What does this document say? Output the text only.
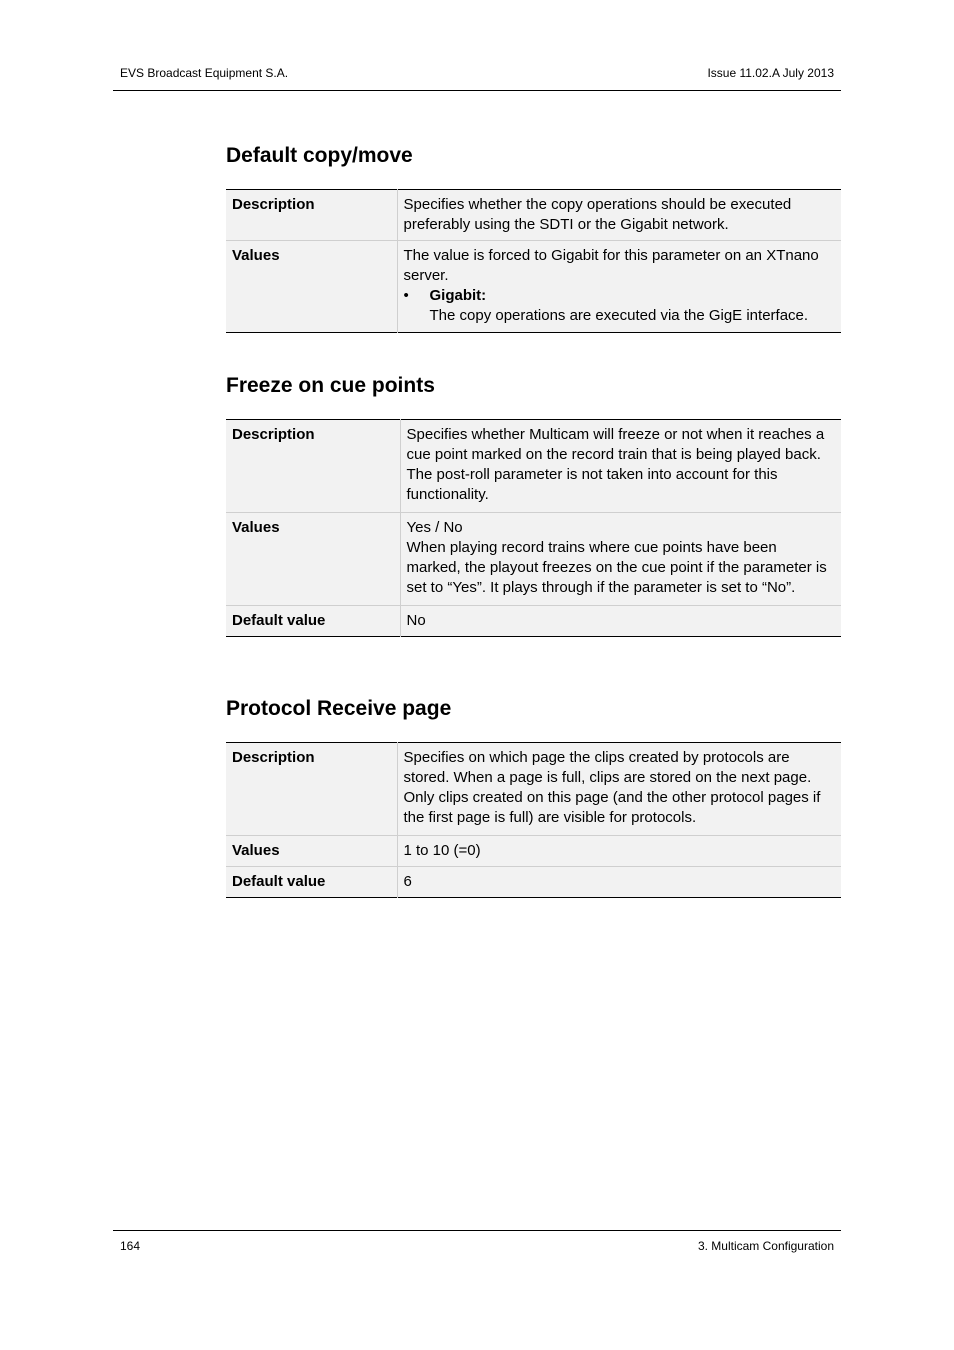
EVS Broadcast Equipment S.A.	Issue 11.02.A July 2013
Default copy/move
Description	Specifies whether the copy operations should be executed preferably using the SDTI or the Gigabit network.

Values	The value is forced to Gigabit for this parameter on an XTnano server.
• Gigabit:
The copy operations are executed via the GigE interface.
Freeze on cue points
Description	Specifies whether Multicam will freeze or not when it reaches a cue point marked on the record train that is being played back.
The post-roll parameter is not taken into account for this functionality.

Values	Yes / No
When playing record trains where cue points have been marked, the playout freezes on the cue point if the parameter is set to “Yes”. It plays through if the parameter is set to “No”.

Default value	No
Protocol Receive page
Description	Specifies on which page the clips created by protocols are stored. When a page is full, clips are stored on the next page. Only clips created on this page (and the other protocol pages if the first page is full) are visible for protocols.

Values	1 to 10 (=0)

Default value	6
164	3. Multicam Configuration
